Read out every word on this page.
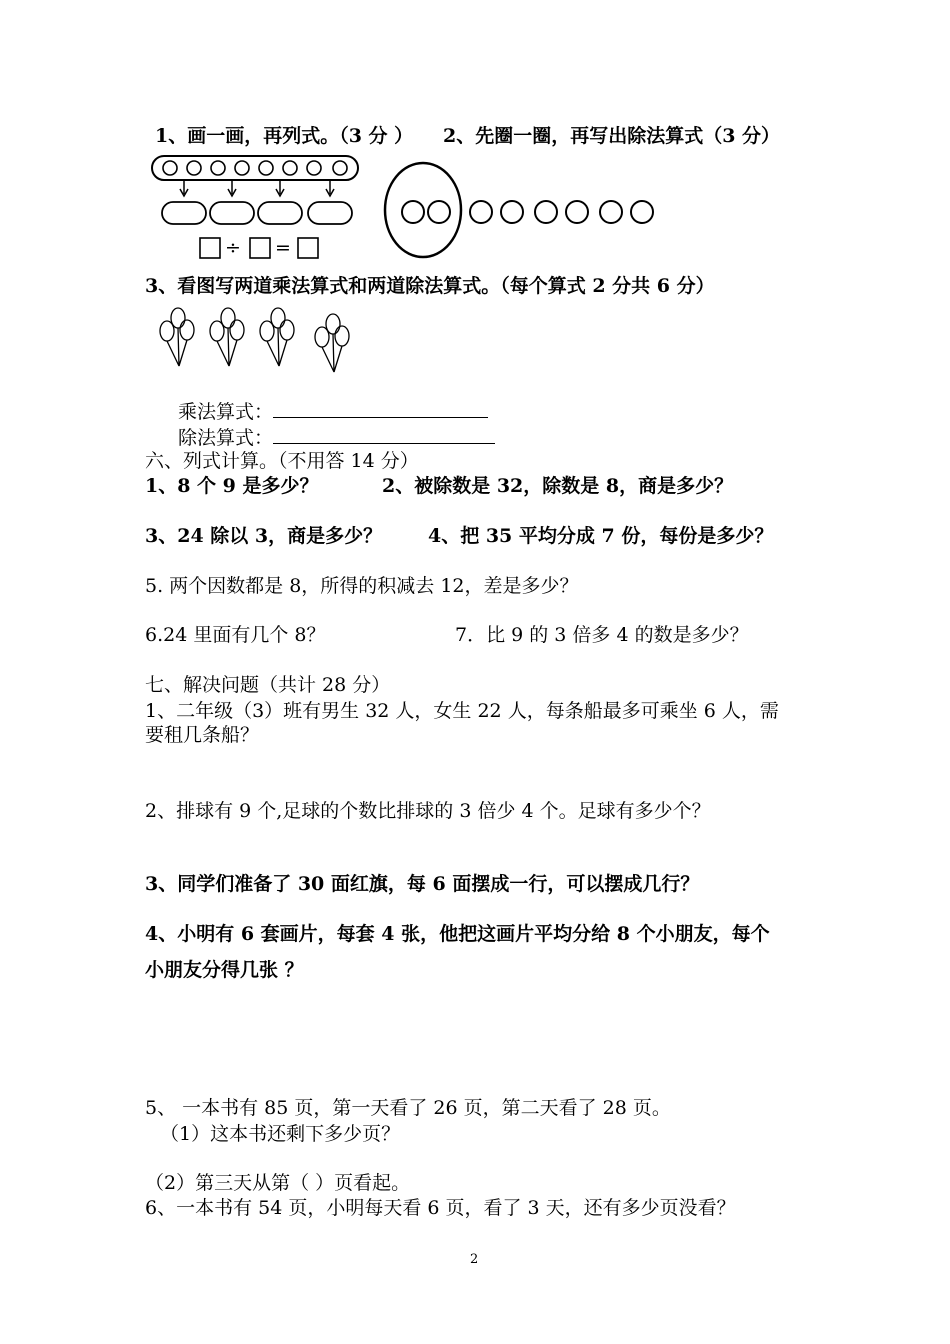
1、画一画，再列式。（3 分 ） 2、先圈一圈，再写出除法算式（3 分）
÷ =
3、看图写两道乘法算式和两道除法算式。（每个算式 2 分共 6 分）
乘法算式：
除法算式：
六、列式计算。（不用答 14 分）
1、8 个 9 是多少？	2、被除数是 32，除数是 8，商是多少？
3、24 除以 3，商是多少？ 4、把 35 平均分成 7 份，每份是多少？
5. 两个因数都是 8，所得的积减去 12，差是多少？
6.24 里面有几个 8？	7．比 9 的 3 倍多 4 的数是多少？
七、解决问题（共计 28 分）
1、二年级（3）班有男生 32 人，女生 22 人，每条船最多可乘坐 6 人，需
要租几条船？
2、排球有 9 个,足球的个数比排球的 3 倍少 4 个。足球有多少个？
3、同学们准备了 30 面红旗，每 6 面摆成一行，可以摆成几行？
4、小明有 6 套画片，每套 4 张，他把这画片平均分给 8 个小朋友，每个
小朋友分得几张 ？
5、 一本书有 85 页，第一天看了 26 页，第二天看了 28 页。
（1）这本书还剩下多少页？
（2）第三天从第（ ）页看起。
6、一本书有 54 页，小明每天看 6 页，看了 3 天，还有多少页没看？
2
